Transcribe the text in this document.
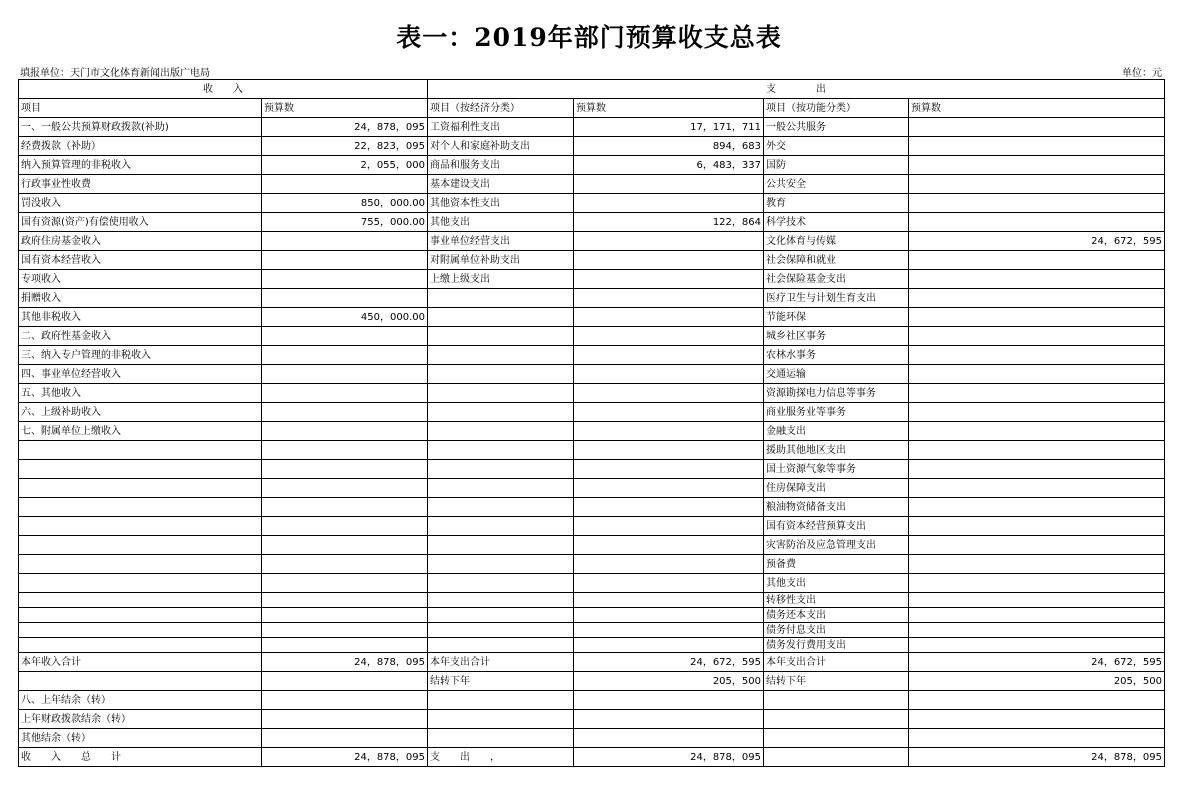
表一：2019年部门预算收支总表
填报单位：天门市文化体育新闻出版广电局	单位：元
收　　入		支　　　　出			
项目	预算数	项目（按经济分类）	预算数	项目（按功能分类）	预算数
一、一般公共预算财政拨款(补助)	24，878，095	工资福利性支出	17，171，711	一般公共服务	
经费拨款（补助）	22，823，095	对个人和家庭补助支出	894，683	外交	
纳入预算管理的非税收入	2，055，000	商品和服务支出	6，483，337	国防	
行政事业性收费		基本建设支出		公共安全	
罚没收入	850，000.00	其他资本性支出		教育	
国有资源(资产)有偿使用收入	755，000.00	其他支出	122，864	科学技术	
政府住房基金收入		事业单位经营支出		文化体育与传媒	24，672，595
国有资本经营收入		对附属单位补助支出		社会保障和就业	
专项收入		上缴上级支出		社会保险基金支出	
捐赠收入				医疗卫生与计划生育支出	
其他非税收入	450，000.00			节能环保	
二、政府性基金收入				城乡社区事务	
三、纳入专户管理的非税收入				农林水事务	
四、事业单位经营收入				交通运输	
五、其他收入				资源勘探电力信息等事务	
六、上级补助收入				商业服务业等事务	
七、附属单位上缴收入				金融支出	
				援助其他地区支出	
				国土资源气象等事务	
				住房保障支出	
				粮油物资储备支出	
				国有资本经营预算支出	
				灾害防治及应急管理支出	
				预备费	
				其他支出	
				转移性支出	
				债务还本支出	
				债务付息支出	
				债务发行费用支出	
本年收入合计	24，878，095	本年支出合计	24，672，595	本年支出合计	24，672，595
		结转下年	205，500	结转下年	205，500
八、上年结余（转）					
上年财政拨款结余（转）					
其他结余（转）					
收　　入　　总　　计	24，878，095	支　　出　　，	24，878，095		24，878，095
